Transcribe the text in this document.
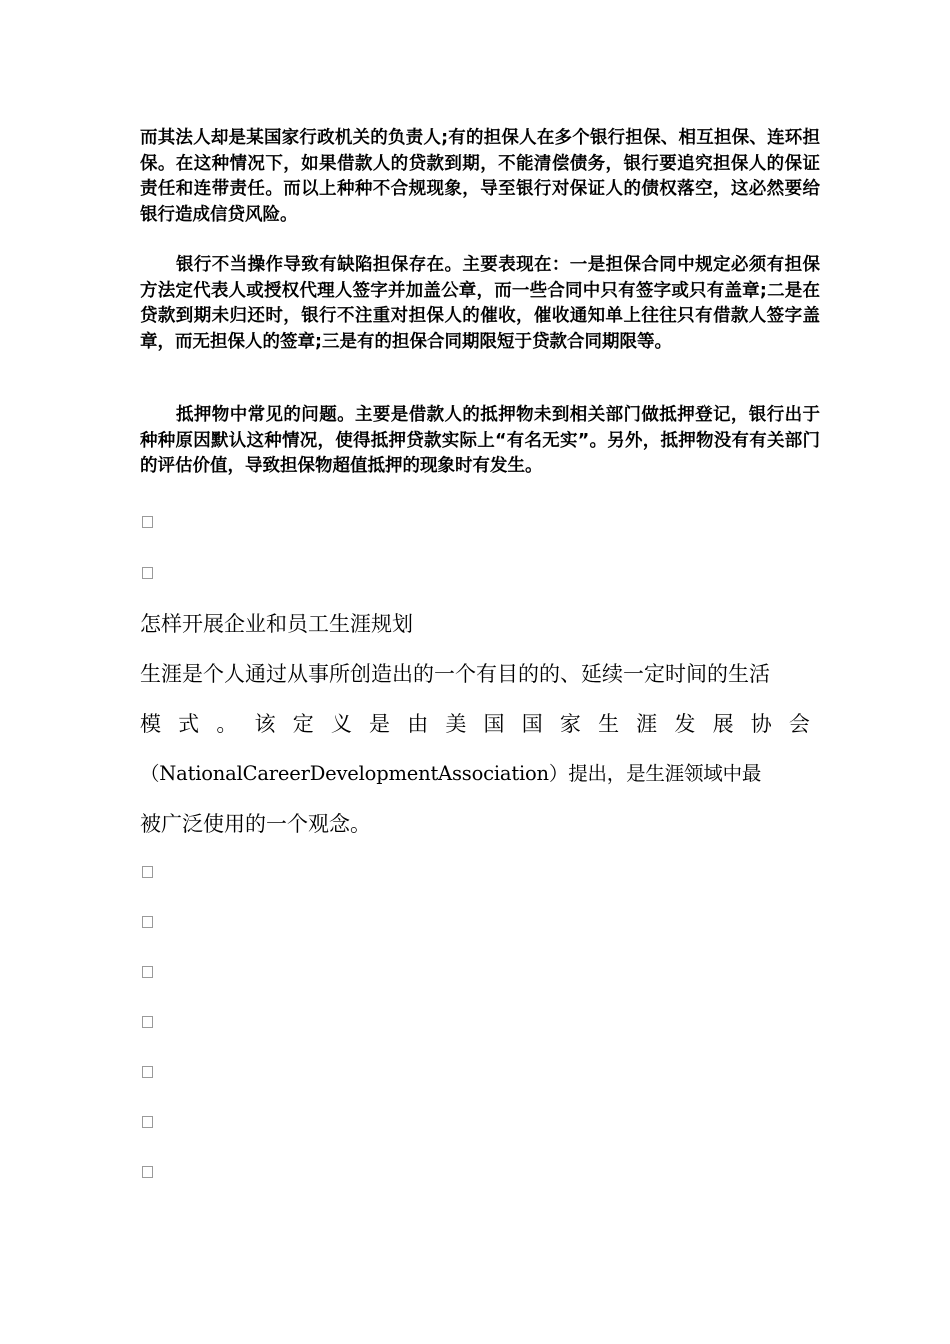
而其法人却是某国家行政机关的负责人;有的担保人在多个银行担保、相互担保、连环担保。在这种情况下，如果借款人的贷款到期，不能清偿债务，银行要追究担保人的保证责任和连带责任。而以上种种不合规现象，导至银行对保证人的债权落空，这必然要给银行造成信贷风险。

银行不当操作导致有缺陷担保存在。主要表现在：一是担保合同中规定必须有担保方法定代表人或授权代理人签字并加盖公章，而一些合同中只有签字或只有盖章;二是在贷款到期未归还时，银行不注重对担保人的催收，催收通知单上往往只有借款人签字盖章，而无担保人的签章;三是有的担保合同期限短于贷款合同期限等。

抵押物中常见的问题。主要是借款人的抵押物未到相关部门做抵押登记，银行出于种种原因默认这种情况，使得抵押贷款实际上“有名无实”。另外，抵押物没有有关部门的评估价值，导致担保物超值抵押的现象时有发生。

怎样开展企业和员工生涯规划

生涯是个人通过从事所创造出的一个有目的的、延续一定时间的生活

模 式 。 该 定 义 是 由 美 国 国 家 生 涯 发 展 协 会

（NationalCareerDevelopmentAssociation）提出，是生涯领域中最

被广泛使用的一个观念。
